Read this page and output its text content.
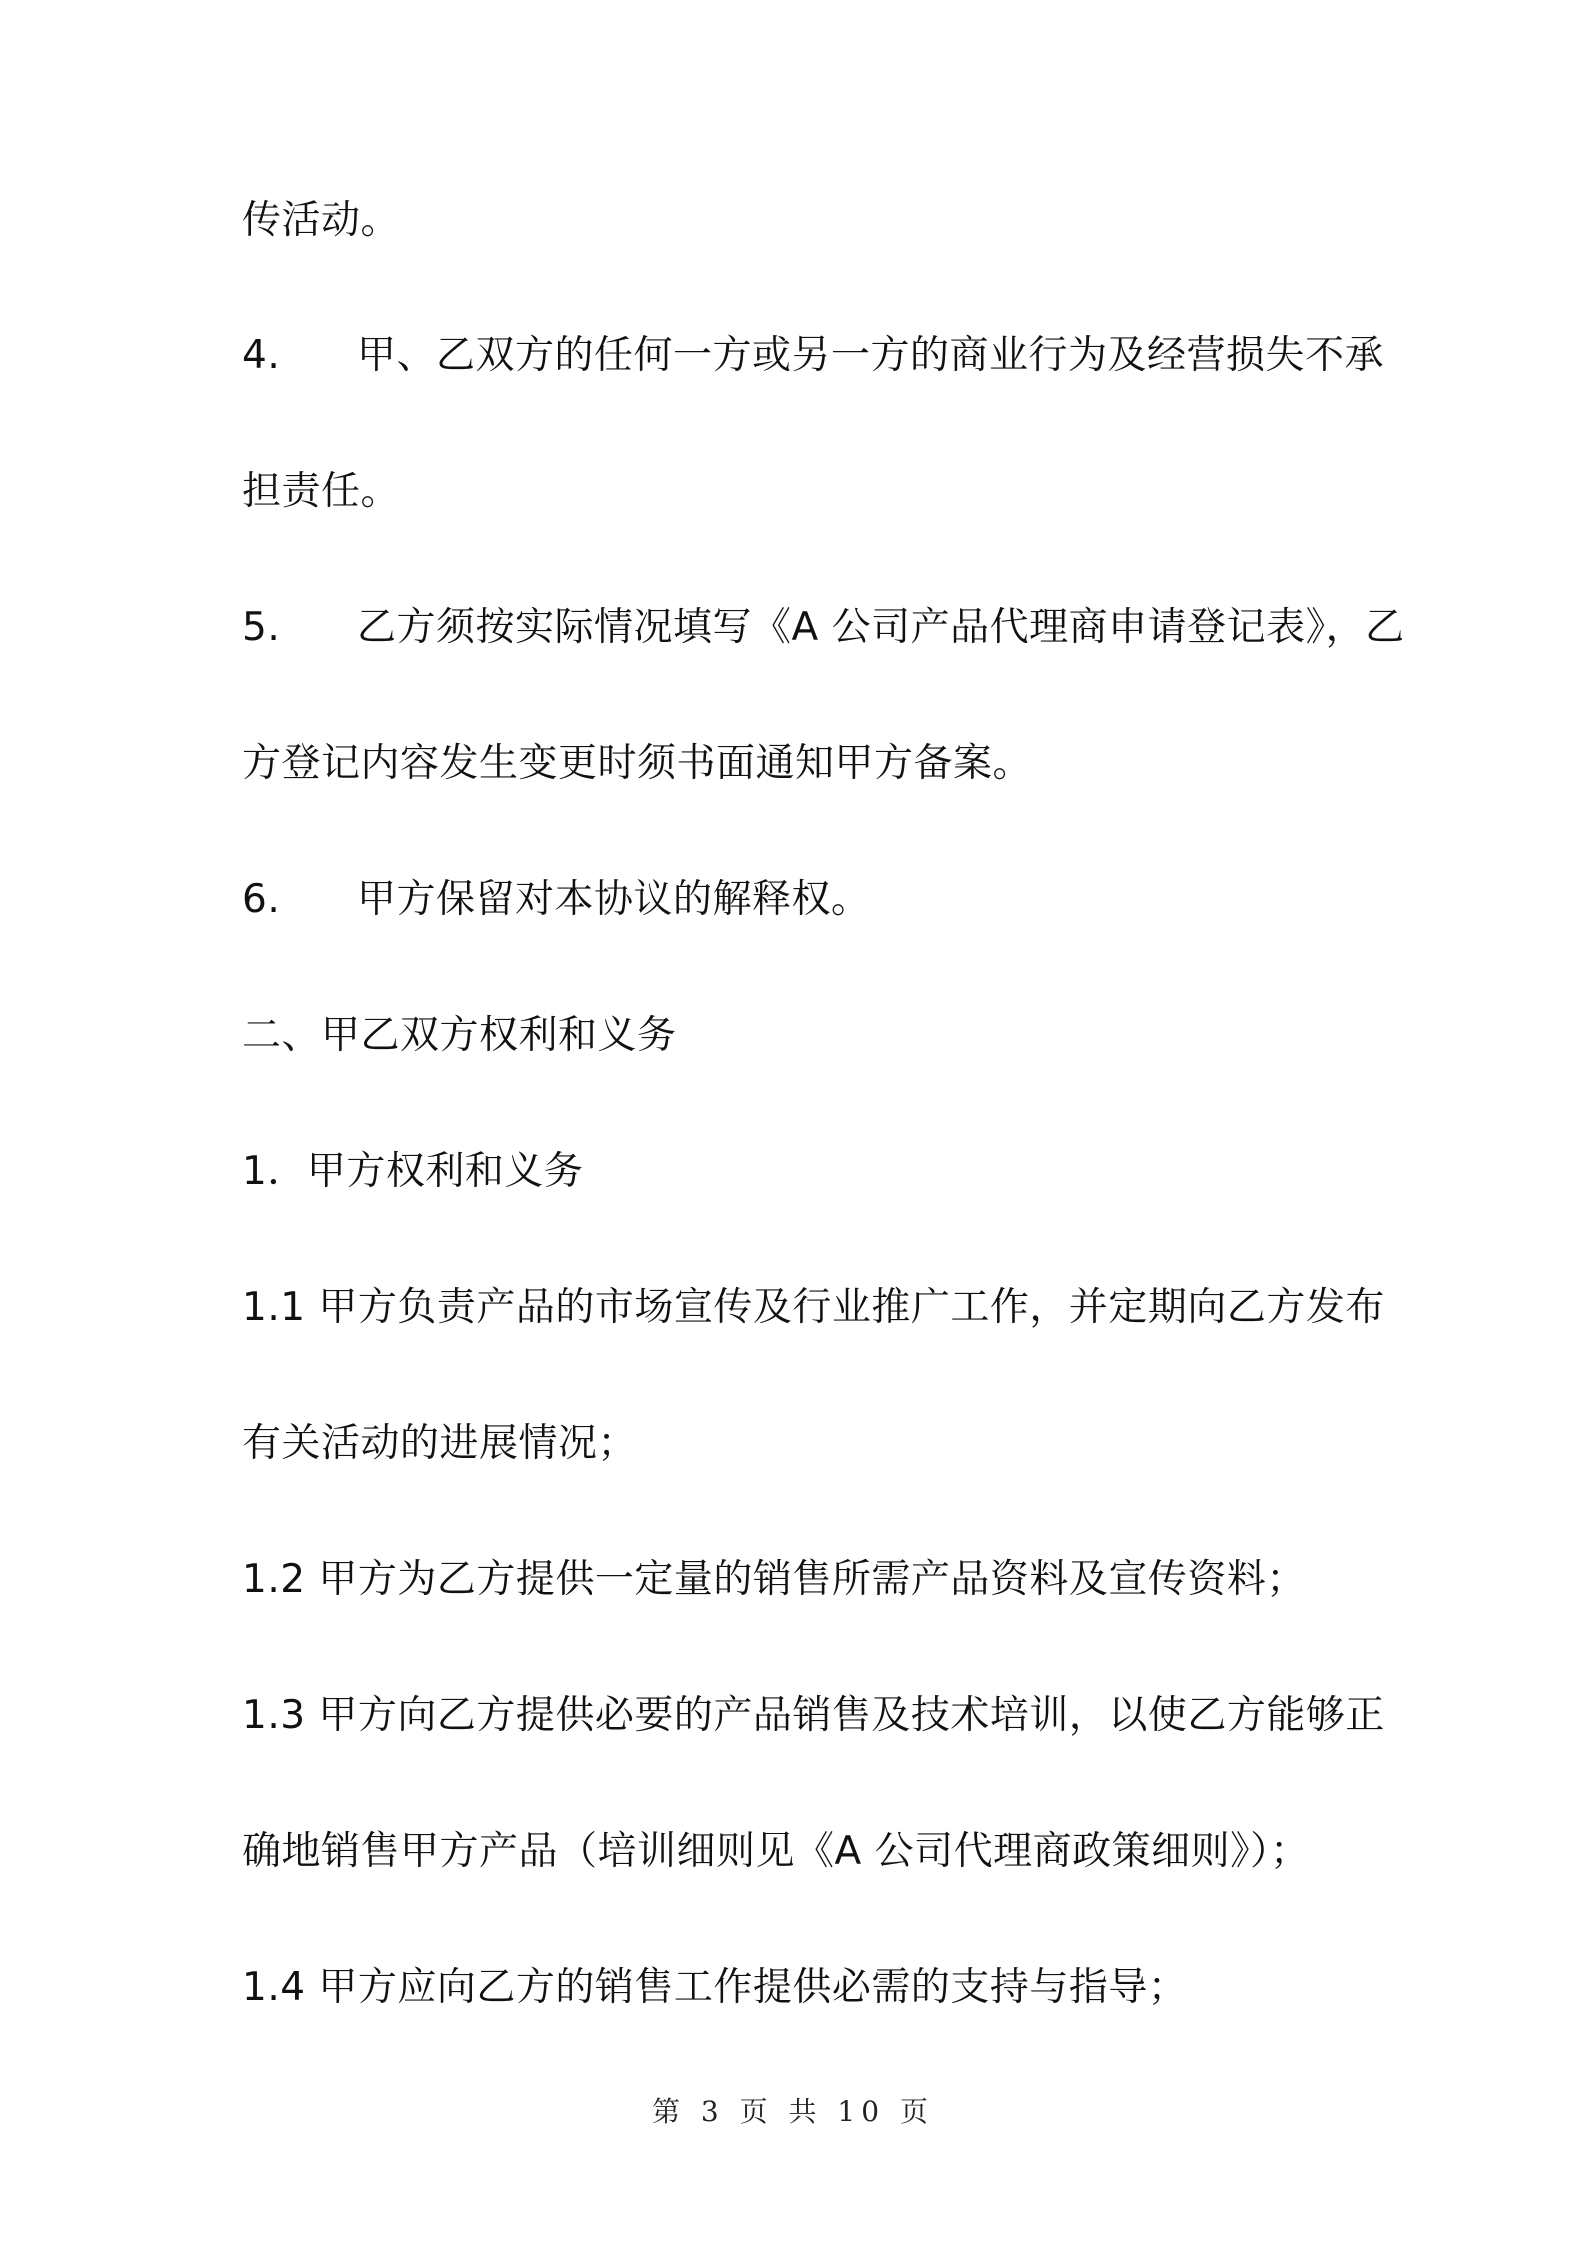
传活动。
4. 甲、乙双方的任何一方或另一方的商业行为及经营损失不承
担责任。
5. 乙方须按实际情况填写《A 公司产品代理商申请登记表》，乙
方登记内容发生变更时须书面通知甲方备案。
6. 甲方保留对本协议的解释权。
二、甲乙双方权利和义务
1．甲方权利和义务
1.1 甲方负责产品的市场宣传及行业推广工作，并定期向乙方发布
有关活动的进展情况；
1.2 甲方为乙方提供一定量的销售所需产品资料及宣传资料；
1.3 甲方向乙方提供必要的产品销售及技术培训，以使乙方能够正
确地销售甲方产品（培训细则见《A 公司代理商政策细则》）；
1.4 甲方应向乙方的销售工作提供必需的支持与指导；
第 3 页 共 10 页
